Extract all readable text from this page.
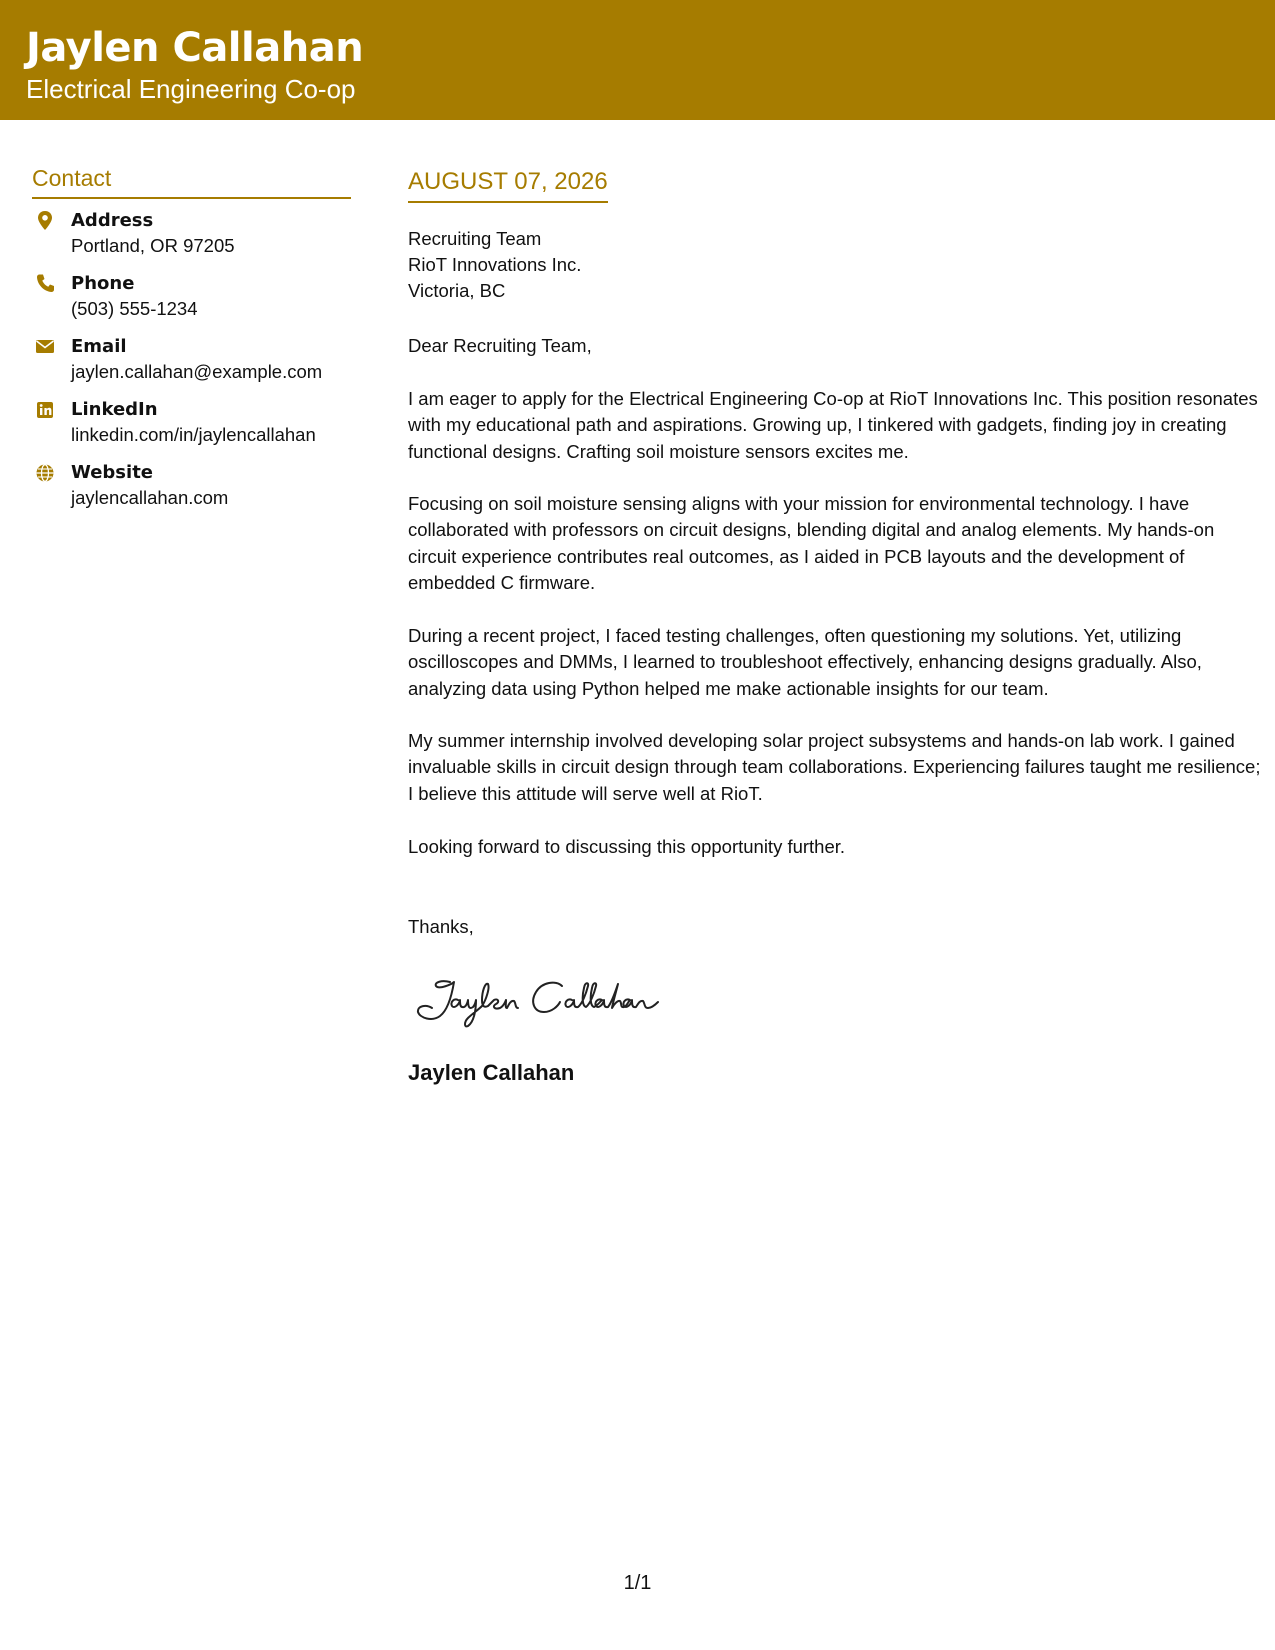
Jaylen Callahan
Electrical Engineering Co-op
Contact
Address
Portland, OR 97205
Phone
(503) 555-1234
Email
jaylen.callahan@example.com
LinkedIn
linkedin.com/in/jaylencallahan
Website
jaylencallahan.com
AUGUST 07, 2026
Recruiting Team
RioT Innovations Inc.
Victoria, BC
Dear Recruiting Team,
I am eager to apply for the Electrical Engineering Co-op at RioT Innovations Inc. This position resonates with my educational path and aspirations. Growing up, I tinkered with gadgets, finding joy in creating functional designs. Crafting soil moisture sensors excites me.
Focusing on soil moisture sensing aligns with your mission for environmental technology. I have collaborated with professors on circuit designs, blending digital and analog elements. My hands-on circuit experience contributes real outcomes, as I aided in PCB layouts and the development of embedded C firmware.
During a recent project, I faced testing challenges, often questioning my solutions. Yet, utilizing oscilloscopes and DMMs, I learned to troubleshoot effectively, enhancing designs gradually. Also, analyzing data using Python helped me make actionable insights for our team.
My summer internship involved developing solar project subsystems and hands-on lab work. I gained invaluable skills in circuit design through team collaborations. Experiencing failures taught me resilience; I believe this attitude will serve well at RioT.
Looking forward to discussing this opportunity further.
Thanks,
Jaylen Callahan
1/1
